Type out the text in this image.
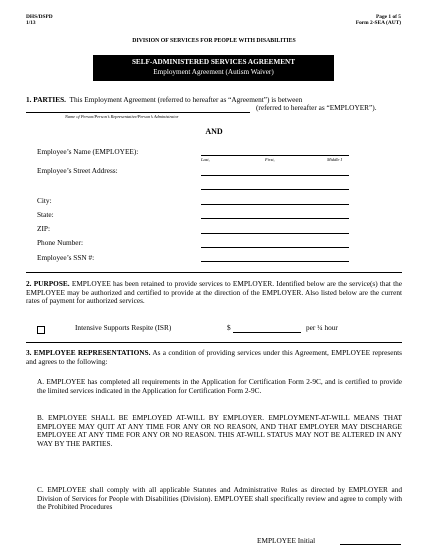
DHS/DSPD
1/13
Page 1 of 5
Form 2-SEA (AUT)
DIVISION OF SERVICES FOR PEOPLE WITH DISABILITIES
SELF-ADMINISTERED SERVICES AGREEMENT
Employment Agreement (Autism Waiver)
1. PARTIES. This Employment Agreement (referred to hereafter as “Agreement”) is between
(referred to hereafter as “EMPLOYER”).
Name of Person/Person’s Representative/Person’s Administrator
AND
Employee’s Name (EMPLOYEE):
Last,	First,	Middle I
Employee’s Street Address:
City:
State:
ZIP:
Phone Number:
Employee’s SSN #:
2. PURPOSE. EMPLOYEE has been retained to provide services to EMPLOYER. Identified below are the service(s) that the EMPLOYEE may be authorized and certified to provide at the direction of the EMPLOYER. Also listed below are the current rates of payment for authorized services.
Intensive Supports Respite (ISR)	$	per ¼ hour
3. EMPLOYEE REPRESENTATIONS. As a condition of providing services under this Agreement, EMPLOYEE represents and agrees to the following:
A. EMPLOYEE has completed all requirements in the Application for Certification Form 2-9C, and is certified to provide the limited services indicated in the Application for Certification Form 2-9C.
B. EMPLOYEE SHALL BE EMPLOYED AT-WILL BY EMPLOYER. EMPLOYMENT-AT-WILL MEANS THAT EMPLOYEE MAY QUIT AT ANY TIME FOR ANY OR NO REASON, AND THAT EMPLOYER MAY DISCHARGE EMPLOYEE AT ANY TIME FOR ANY OR NO REASON. THIS AT-WILL STATUS MAY NOT BE ALTERED IN ANY WAY BY THE PARTIES.
C. EMPLOYEE shall comply with all applicable Statutes and Administrative Rules as directed by EMPLOYER and Division of Services for People with Disabilities (Division). EMPLOYEE shall specifically review and agree to comply with the Prohibited Procedures
EMPLOYEE Initial
